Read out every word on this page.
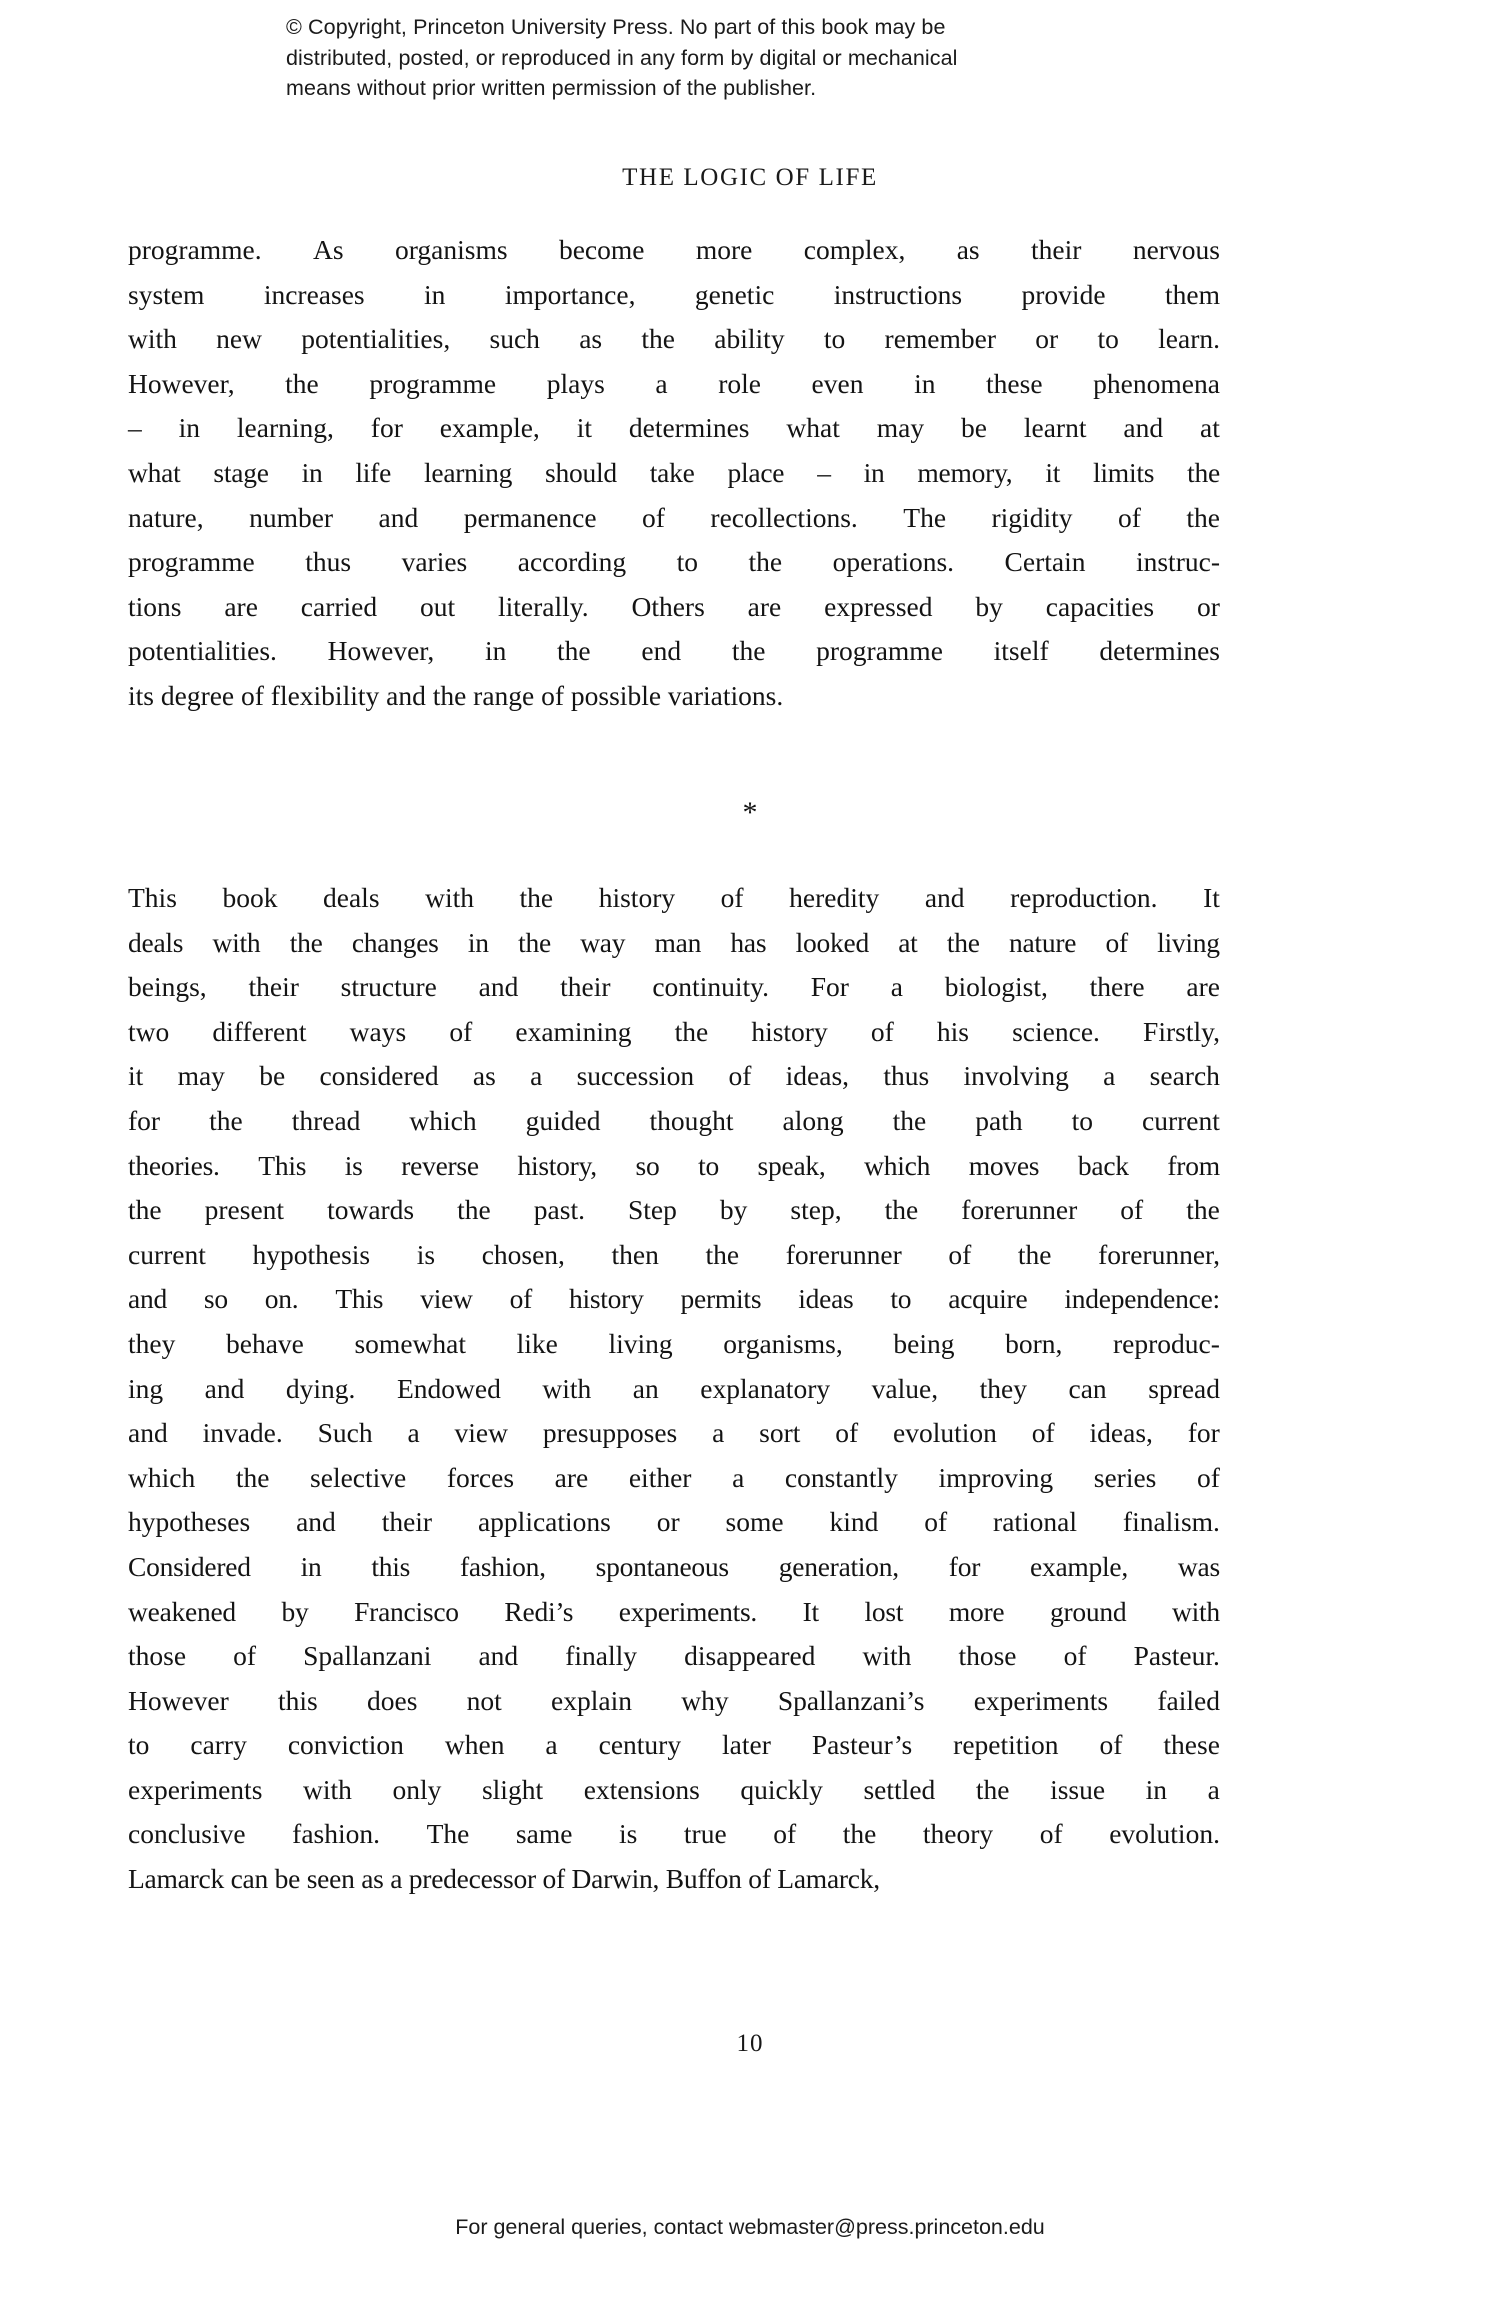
© Copyright, Princeton University Press. No part of this book may be
distributed, posted, or reproduced in any form by digital or mechanical
means without prior written permission of the publisher.
THE LOGIC OF LIFE
programme. As organisms become more complex, as their nervous
system increases in importance, genetic instructions provide them
with new potentialities, such as the ability to remember or to learn.
However, the programme plays a role even in these phenomena
– in learning, for example, it determines what may be learnt and at
what stage in life learning should take place – in memory, it limits the
nature, number and permanence of recollections. The rigidity of the
programme thus varies according to the operations. Certain instruc-
tions are carried out literally. Others are expressed by capacities or
potentialities. However, in the end the programme itself determines
its degree of flexibility and the range of possible variations.
*
This book deals with the history of heredity and reproduction. It
deals with the changes in the way man has looked at the nature of living
beings, their structure and their continuity. For a biologist, there are
two different ways of examining the history of his science. Firstly,
it may be considered as a succession of ideas, thus involving a search
for the thread which guided thought along the path to current
theories. This is reverse history, so to speak, which moves back from
the present towards the past. Step by step, the forerunner of the
current hypothesis is chosen, then the forerunner of the forerunner,
and so on. This view of history permits ideas to acquire independence:
they behave somewhat like living organisms, being born, reproduc-
ing and dying. Endowed with an explanatory value, they can spread
and invade. Such a view presupposes a sort of evolution of ideas, for
which the selective forces are either a constantly improving series of
hypotheses and their applications or some kind of rational finalism.
Considered in this fashion, spontaneous generation, for example, was
weakened by Francisco Redi’s experiments. It lost more ground with
those of Spallanzani and finally disappeared with those of Pasteur.
However this does not explain why Spallanzani’s experiments failed
to carry conviction when a century later Pasteur’s repetition of these
experiments with only slight extensions quickly settled the issue in a
conclusive fashion. The same is true of the theory of evolution.
Lamarck can be seen as a predecessor of Darwin, Buffon of Lamarck,
10
For general queries, contact webmaster@press.princeton.edu
